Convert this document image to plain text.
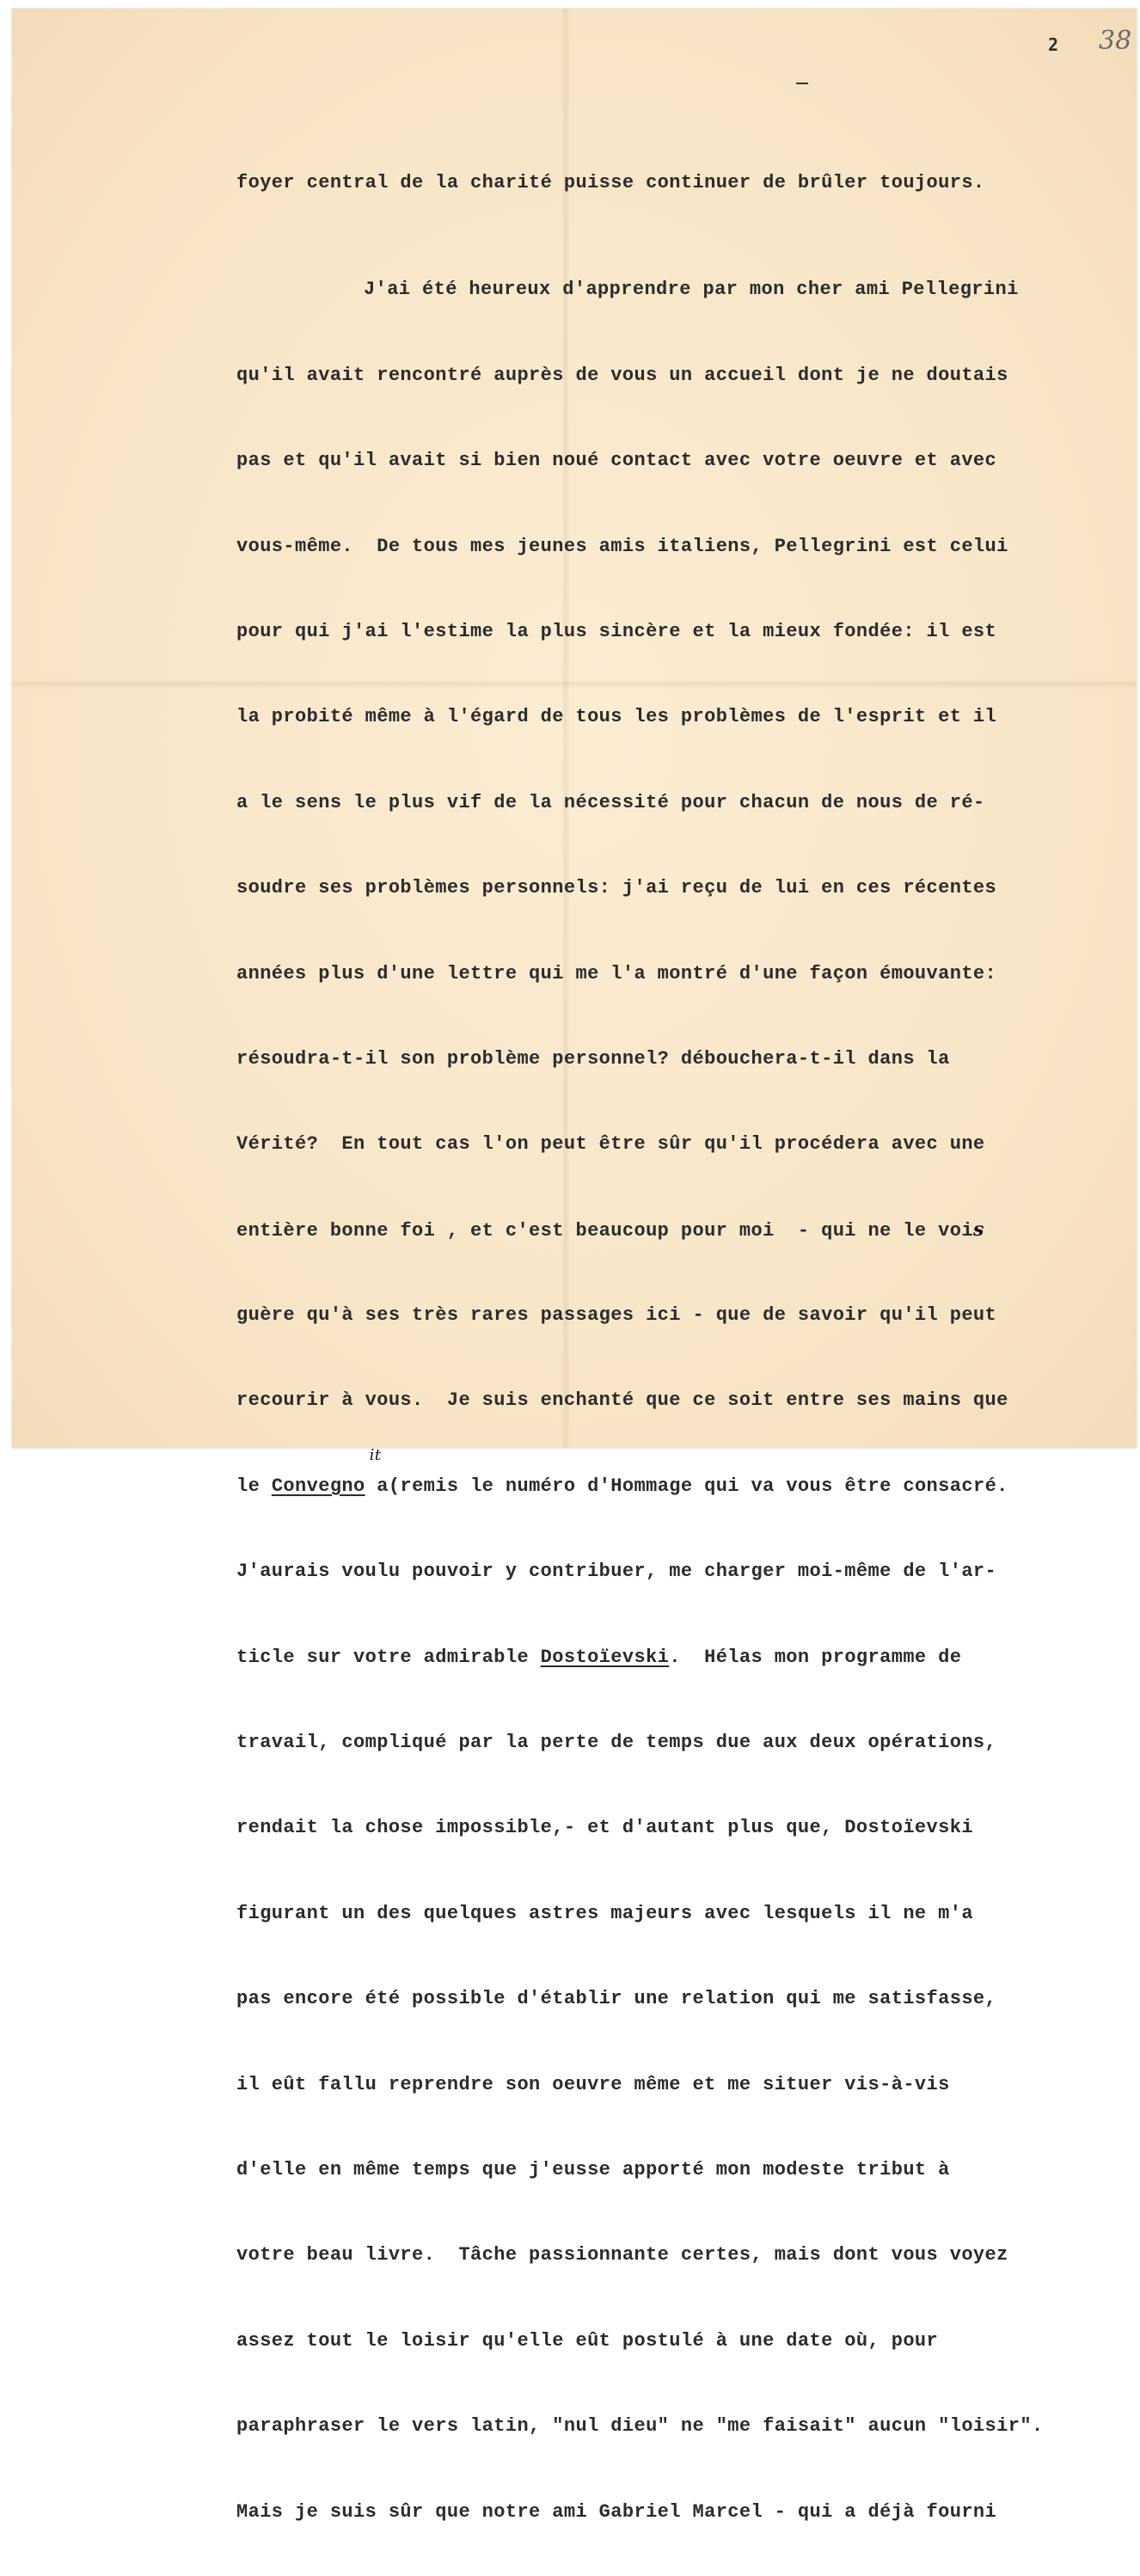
2 38

foyer central de la charité puisse continuer de brûler toujours.

J'ai été heureux d'apprendre par mon cher ami Pellegrini

qu'il avait rencontré auprès de vous un accueil dont je ne doutais

pas et qu'il avait si bien noué contact avec votre oeuvre et avec

vous-même.  De tous mes jeunes amis italiens, Pellegrini est celui

pour qui j'ai l'estime la plus sincère et la mieux fondée: il est

la probité même à l'égard de tous les problèmes de l'esprit et il

a le sens le plus vif de la nécessité pour chacun de nous de ré-

soudre ses problèmes personnels: j'ai reçu de lui en ces récentes

années plus d'une lettre qui me l'a montré d'une façon émouvante:

résoudra-t-il son problème personnel? débouchera-t-il dans la

Vérité?  En tout cas l'on peut être sûr qu'il procédera avec une

entière bonne foi , et c'est beaucoup pour moi  - qui ne le vois

guère qu'à ses très rares passages ici - que de savoir qu'il peut

recourir à vous.  Je suis enchanté que ce soit entre ses mains que

le Convegno a
it
(remis le numéro d'Hommage qui va vous être consacré.

J'aurais voulu pouvoir y contribuer, me charger moi-même de l'ar-

ticle sur votre admirable Dostoïevski.  Hélas mon programme de

travail, compliqué par la perte de temps due aux deux opérations,

rendait la chose impossible,- et d'autant plus que, Dostoïevski

figurant un des quelques astres majeurs avec lesquels il ne m'a

pas encore été possible d'établir une relation qui me satisfasse,

il eût fallu reprendre son oeuvre même et me situer vis-à-vis

d'elle en même temps que j'eusse apporté mon modeste tribut à

votre beau livre.  Tâche passionnante certes, mais dont vous voyez

assez tout le loisir qu'elle eût postulé à une date où, pour

paraphraser le vers latin, "nul dieu" ne "me faisait" aucun "loisir".

Mais je suis sûr que notre ami Gabriel Marcel - qui a déjà fourni
